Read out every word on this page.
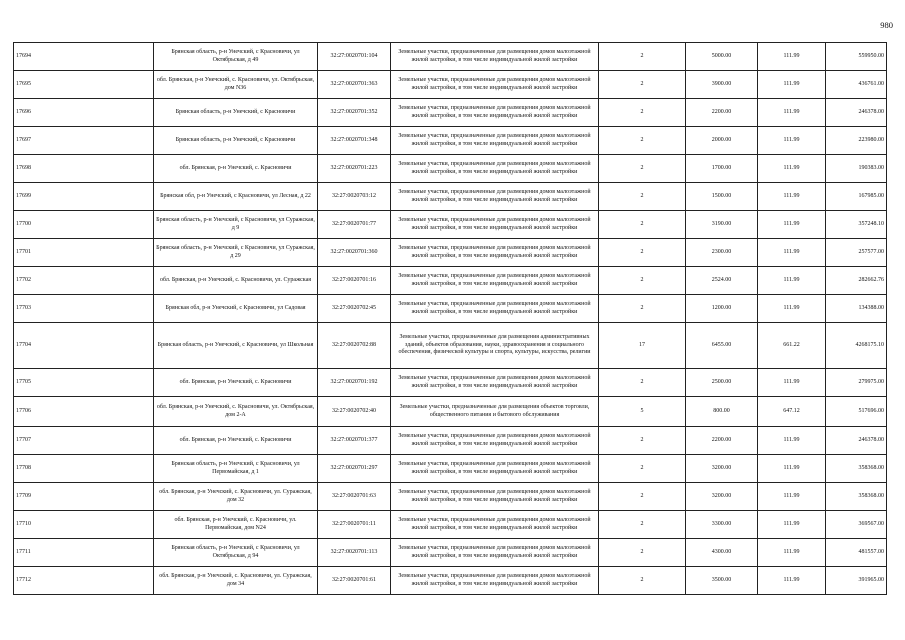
980
17694	Брянская область, р-н Унечский, с Красновичи, ул Октябрьская, д 49	32:27:0020701:104	Земельные участки, предназначенные для размещения домов малоэтажной жилой застройки, в том числе индивидуальной жилой застройки	2	5000.00	111.99	559950.00
17695	обл. Брянская, р-н Унечский, с. Красновичи, ул. Октябрьская, дом N36	32:27:0020701:363	Земельные участки, предназначенные для размещения домов малоэтажной жилой застройки, в том числе индивидуальной жилой застройки	2	3900.00	111.99	436761.00
17696	Брянская область, р-н Унечский, с Красновичи	32:27:0020701:352	Земельные участки, предназначенные для размещения домов малоэтажной жилой застройки, в том числе индивидуальной жилой застройки	2	2200.00	111.99	246378.00
17697	Брянская область, р-н Унечский, с Красновичи	32:27:0020701:348	Земельные участки, предназначенные для размещения домов малоэтажной жилой застройки, в том числе индивидуальной жилой застройки	2	2000.00	111.99	223980.00
17698	обл. Брянская, р-н Унечский, с. Красновичи	32:27:0020701:223	Земельные участки, предназначенные для размещения домов малоэтажной жилой застройки, в том числе индивидуальной жилой застройки	2	1700.00	111.99	190383.00
17699	Брянская обл, р-н Унечский, с Красновичи, ул Лесная, д 22	32:27:0020703:12	Земельные участки, предназначенные для размещения домов малоэтажной жилой застройки, в том числе индивидуальной жилой застройки	2	1500.00	111.99	167985.00
17700	Брянская область, р-н Унечский, с Красновичи, ул Суражская, д 9	32:27:0020701:77	Земельные участки, предназначенные для размещения домов малоэтажной жилой застройки, в том числе индивидуальной жилой застройки	2	3190.00	111.99	357248.10
17701	Брянская область, р-н Унечский, с Красновичи, ул Суражская, д 29	32:27:0020701:360	Земельные участки, предназначенные для размещения домов малоэтажной жилой застройки, в том числе индивидуальной жилой застройки	2	2300.00	111.99	257577.00
17702	обл. Брянская, р-н Унечский, с. Красновичи, ул. Суражская	32:27:0020701:16	Земельные участки, предназначенные для размещения домов малоэтажной жилой застройки, в том числе индивидуальной жилой застройки	2	2524.00	111.99	282662.76
17703	Брянская обл, р-н Унечский, с Красновичи, ул Садовая	32:27:0020702:45	Земельные участки, предназначенные для размещения домов малоэтажной жилой застройки, в том числе индивидуальной жилой застройки	2	1200.00	111.99	134388.00
17704	Брянская область, р-н Унечский, с Красновичи, ул Школьная	32:27:0020702:88	Земельные участки, предназначенные для размещения административных зданий, объектов образования, науки, здравоохранения и социального обеспечения, физической культуры и спорта, культуры, искусства, религии	17	6455.00	661.22	4268175.10
17705	обл. Брянская, р-н Унечский, с. Красновичи	32:27:0020701:192	Земельные участки, предназначенные для размещения домов малоэтажной жилой застройки, в том числе индивидуальной жилой застройки	2	2500.00	111.99	279975.00
17706	обл. Брянская, р-н Унечский, с. Красновичи, ул. Октябрьская, дом 2-А	32:27:0020702:40	Земельные участки, предназначенные для размещения объектов торговли, общественного питания и бытового обслуживания	5	800.00	647.12	517696.00
17707	обл. Брянская, р-н Унечский, с. Красновичи	32:27:0020701:377	Земельные участки, предназначенные для размещения домов малоэтажной жилой застройки, в том числе индивидуальной жилой застройки	2	2200.00	111.99	246378.00
17708	Брянская область, р-н Унечский, с Красновичи, ул Первомайская, д 1	32:27:0020701:297	Земельные участки, предназначенные для размещения домов малоэтажной жилой застройки, в том числе индивидуальной жилой застройки	2	3200.00	111.99	358368.00
17709	обл. Брянская, р-н Унечский, с. Красновичи, ул. Суражская, дом 32	32:27:0020701:63	Земельные участки, предназначенные для размещения домов малоэтажной жилой застройки, в том числе индивидуальной жилой застройки	2	3200.00	111.99	358368.00
17710	обл. Брянская, р-н Унечский, с. Красновичи, ул. Первомайская, дом N24	32:27:0020701:11	Земельные участки, предназначенные для размещения домов малоэтажной жилой застройки, в том числе индивидуальной жилой застройки	2	3300.00	111.99	369567.00
17711	Брянская область, р-н Унечский, с Красновичи, ул Октябрьская, д 94	32:27:0020701:113	Земельные участки, предназначенные для размещения домов малоэтажной жилой застройки, в том числе индивидуальной жилой застройки	2	4300.00	111.99	481557.00
17712	обл. Брянская, р-н Унечский, с. Красновичи, ул. Суражская, дом 34	32:27:0020701:61	Земельные участки, предназначенные для размещения домов малоэтажной жилой застройки, в том числе индивидуальной жилой застройки	2	3500.00	111.99	391965.00
